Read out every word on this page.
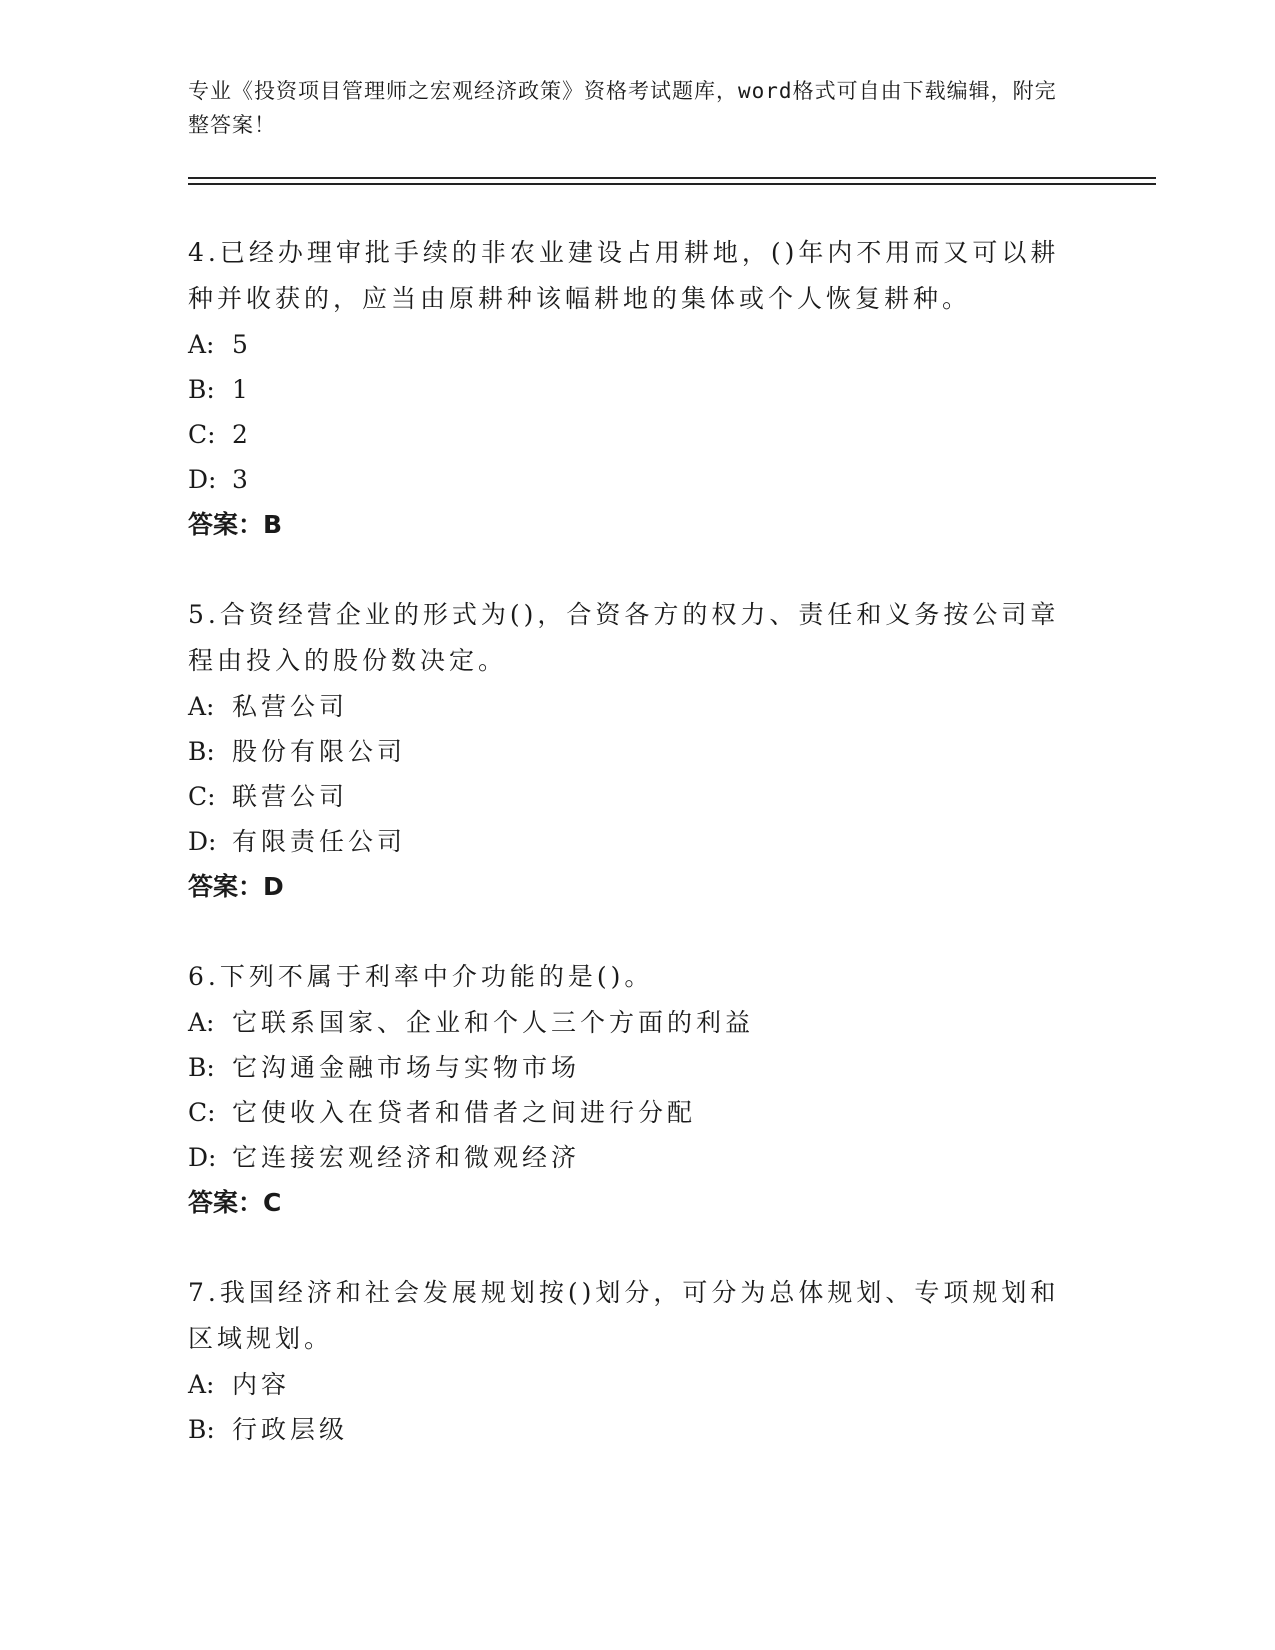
专业《投资项目管理师之宏观经济政策》资格考试题库，word格式可自由下载编辑，附完整答案！
4.已经办理审批手续的非农业建设占用耕地，()年内不用而又可以耕种并收获的，应当由原耕种该幅耕地的集体或个人恢复耕种。
A: 5
B: 1
C: 2
D: 3
答案：B
5.合资经营企业的形式为()，合资各方的权力、责任和义务按公司章程由投入的股份数决定。
A: 私营公司
B: 股份有限公司
C: 联营公司
D: 有限责任公司
答案：D
6.下列不属于利率中介功能的是()。
A: 它联系国家、企业和个人三个方面的利益
B: 它沟通金融市场与实物市场
C: 它使收入在贷者和借者之间进行分配
D: 它连接宏观经济和微观经济
答案：C
7.我国经济和社会发展规划按()划分，可分为总体规划、专项规划和区域规划。
A: 内容
B: 行政层级
